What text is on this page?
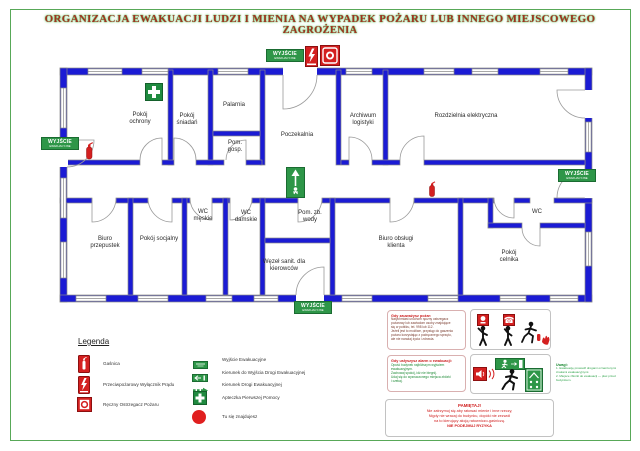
ORGANIZACJA EWAKUACJI LUDZI I MIENIA NA WYPADEK POŻARU LUB INNEGO MIEJSCOWEGO
ZAGROŻENIA
Pokój ochrony
Pokój śniadań
Palarnia
Pom. gosp.
Poczekalnia
Archiwum logistyki
Rozdzielnia elektryczna
Biuro przepustek
Pokój socjalny
WC męskie
WC damskie
Pom. zb. wody
Węzeł sanit. dla kierowców
Biuro obsługi klienta
Pokój celnika
WC
WYJŚCIE
EWAKUACYJNE
WYJŚCIE
EWAKUACYJNE
WYJŚCIE
EWAKUACYJNE
WYJŚCIE
EWAKUACYJNE
Legenda
Gaśnica
Przeciwpożarowy Wyłącznik Prądu
Ręczny Ostrzegacz Pożaru
Wyjście Ewakuacyjne
Kierunek do Wyjścia Drogi Ewakuacyjnej
Kierunek Drogi Ewakuacyjnej
Apteczka Pierwszej Pomocy
Tu się znajdujesz
Gdy zauważysz pożar:
Natychmiast uruchom ręczny ostrzegacz
pożarowy lub zawiadom osoby znajdujące
się w pobliżu, tel. 998 lub 112.
Jeżeli jest to możliwe, przystąp do gaszenia
pożaru korzystając z podręcznego sprzętu,
ale nie narażaj życia i zdrowia.
☎
Gdy usłyszysz alarm o ewakuacji:
Opuść budynek najbliższym wyjściem
ewakuacyjnym.
Zachowaj spokój, idź nie biegnij.
Udaj się do wyznaczonego miejsca zbiórki
i czekaj.
Uwagi:
1. Ewakuację prowadź drogami oznaczonymi
znakami ewakuacyjnymi.
2. Miejsce zbiórki do ewakuacji — plac przed
budynkiem.
PAMIĘTAJ!
Nie zatrzymuj się aby ratować mienie i inne rzeczy,
Nigdy nie wracaj do budynku, dopóki nie zezwoli
na to kierujący akcją ratowniczo-gaśniczą.
NIE PODEJMUJ RYZYKA
